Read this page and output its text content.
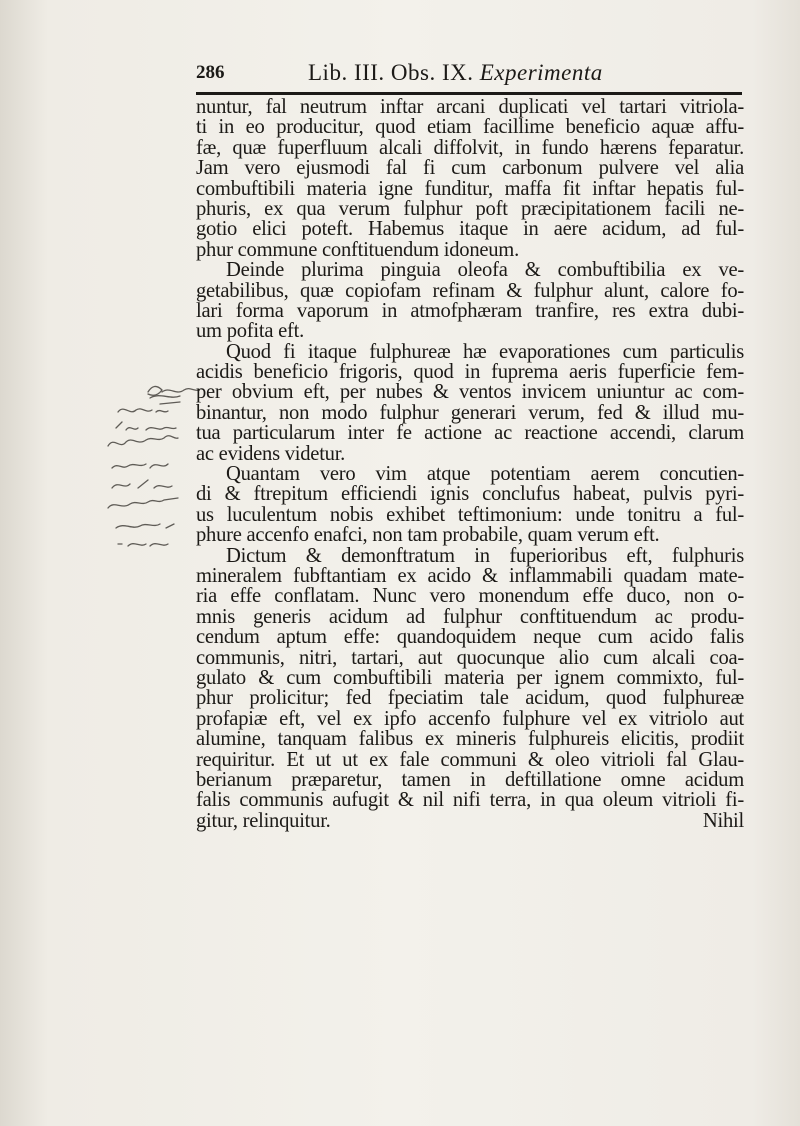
286	Lib. III. Obs. IX. Experimenta
nuntur, fal neutrum inftar arcani duplicati vel tartari vitriola-
ti in eo producitur, quod etiam facillime beneficio aquæ affu-
fæ, quæ fuperfluum alcali diffolvit, in fundo hærens feparatur.
Jam vero ejusmodi fal fi cum carbonum pulvere vel alia
combuftibili materia igne funditur, maffa fit inftar hepatis ful-
phuris, ex qua verum fulphur poft præcipitationem facili ne-
gotio elici poteft. Habemus itaque in aere acidum, ad ful-
phur commune conftituendum idoneum.
Deinde plurima pinguia oleofa & combuftibilia ex ve-
getabilibus, quæ copiofam refinam & fulphur alunt, calore fo-
lari forma vaporum in atmofphæram tranfire, res extra dubi-
um pofita eft.
Quod fi itaque fulphureæ hæ evaporationes cum particulis
acidis beneficio frigoris, quod in fuprema aeris fuperficie fem-
per obvium eft, per nubes & ventos invicem uniuntur ac com-
binantur, non modo fulphur generari verum, fed & illud mu-
tua particularum inter fe actione ac reactione accendi, clarum
ac evidens videtur.
Quantam vero vim atque potentiam aerem concutien-
di & ftrepitum efficiendi ignis conclufus habeat, pulvis pyri-
us luculentum nobis exhibet teftimonium: unde tonitru a ful-
phure accenfo enafci, non tam probabile, quam verum eft.
Dictum & demonftratum in fuperioribus eft, fulphuris
mineralem fubftantiam ex acido & inflammabili quadam mate-
ria effe conflatam. Nunc vero monendum effe duco, non o-
mnis generis acidum ad fulphur conftituendum ac produ-
cendum aptum effe: quandoquidem neque cum acido falis
communis, nitri, tartari, aut quocunque alio cum alcali coa-
gulato & cum combuftibili materia per ignem commixto, ful-
phur prolicitur; fed fpeciatim tale acidum, quod fulphureæ
profapiæ eft, vel ex ipfo accenfo fulphure vel ex vitriolo aut
alumine, tanquam falibus ex mineris fulphureis elicitis, prodiit
requiritur. Et ut ut ex fale communi & oleo vitrioli fal Glau-
berianum præparetur, tamen in deftillatione omne acidum
falis communis aufugit & nil nifi terra, in qua oleum vitrioli fi-
gitur, relinquitur.	Nihil
